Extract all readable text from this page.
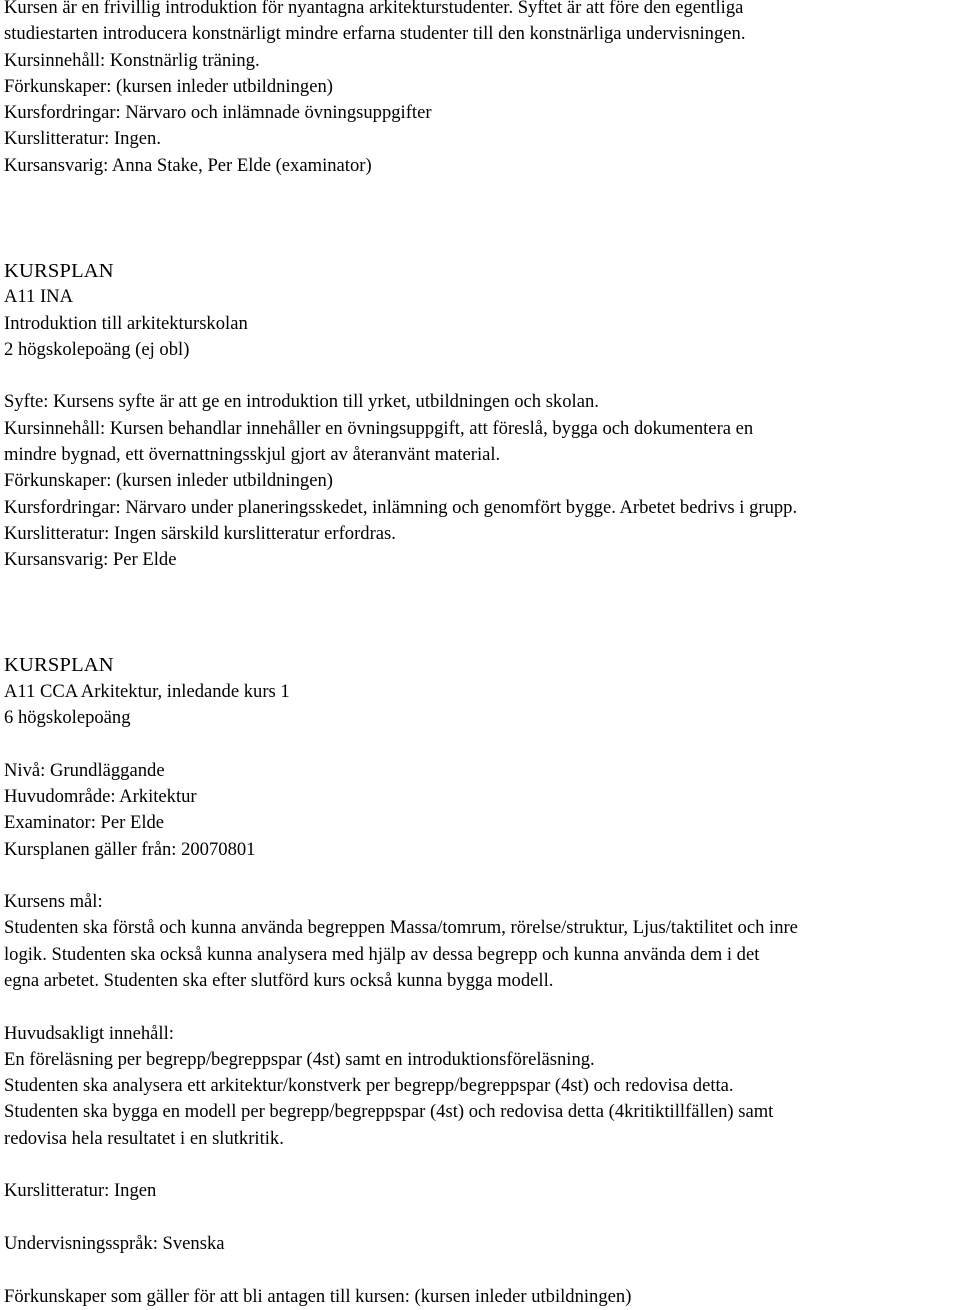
Kursen är en frivillig introduktion för nyantagna arkitekturstudenter. Syftet är att före den egentliga
studiestarten introducera konstnärligt mindre erfarna studenter till den konstnärliga undervisningen.
Kursinnehåll: Konstnärlig träning.
Förkunskaper: (kursen inleder utbildningen)
Kursfordringar: Närvaro och inlämnade övningsuppgifter
Kurslitteratur: Ingen.
Kursansvarig: Anna Stake, Per Elde (examinator)
KURSPLAN
A11 INA
Introduktion till arkitekturskolan
2 högskolepoäng (ej obl)
Syfte: Kursens syfte är att ge en introduktion till yrket, utbildningen och skolan.
Kursinnehåll: Kursen behandlar innehåller en övningsuppgift, att föreslå, bygga och dokumentera en
mindre bygnad, ett övernattningsskjul gjort av återanvänt material.
Förkunskaper: (kursen inleder utbildningen)
Kursfordringar: Närvaro under planeringsskedet, inlämning och genomfört bygge. Arbetet bedrivs i grupp.
Kurslitteratur: Ingen särskild kurslitteratur erfordras.
Kursansvarig: Per Elde
KURSPLAN
A11 CCA Arkitektur, inledande kurs 1
6 högskolepoäng
Nivå: Grundläggande
Huvudområde: Arkitektur
Examinator: Per Elde
Kursplanen gäller från: 20070801
Kursens mål:
Studenten ska förstå och kunna använda begreppen Massa/tomrum, rörelse/struktur, Ljus/taktilitet och inre
logik. Studenten ska också kunna analysera med hjälp av dessa begrepp och kunna använda dem i det
egna arbetet. Studenten ska efter slutförd kurs också kunna bygga modell.
Huvudsakligt innehåll:
En föreläsning per begrepp/begreppspar (4st) samt en introduktionsföreläsning.
Studenten ska analysera ett arkitektur/konstverk per begrepp/begreppspar (4st) och redovisa detta.
Studenten ska bygga en modell per begrepp/begreppspar (4st) och redovisa detta (4kritiktillfällen) samt
redovisa hela resultatet i en slutkritik.
Kurslitteratur: Ingen
Undervisningsspråk: Svenska
Förkunskaper som gäller för att bli antagen till kursen: (kursen inleder utbildningen)
